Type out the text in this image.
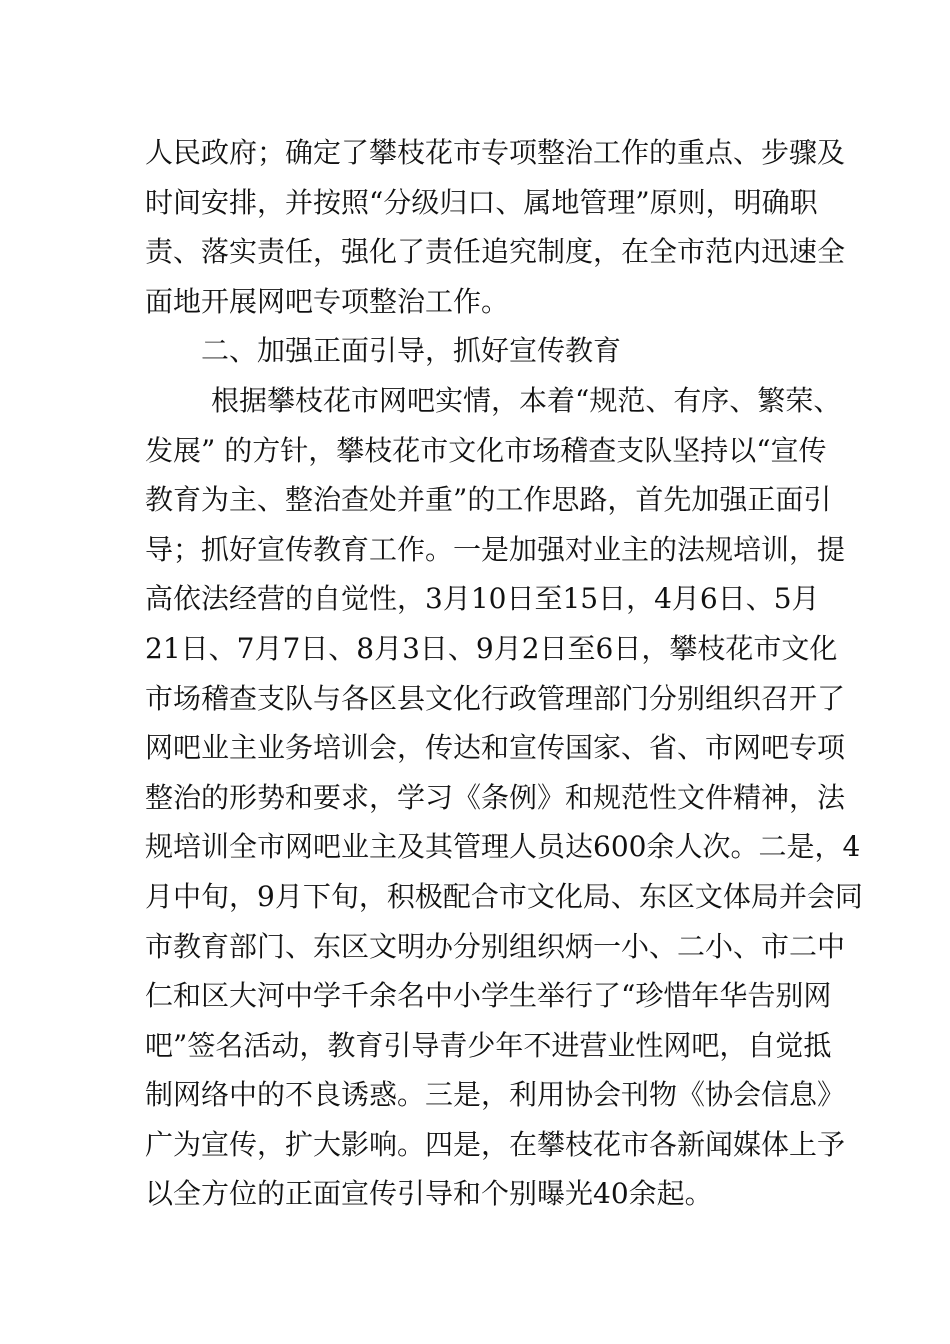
人民政府；确定了攀枝花市专项整治工作的重点、步骤及
时间安排，并按照“分级归口、属地管理”原则，明确职
责、落实责任，强化了责任追究制度，在全市范内迅速全
面地开展网吧专项整治工作。
二、加强正面引导，抓好宣传教育
根据攀枝花市网吧实情，本着“规范、有序、繁荣、
发展” 的方针，攀枝花市文化市场稽查支队坚持以“宣传
教育为主、整治查处并重”的工作思路，首先加强正面引
导；抓好宣传教育工作。一是加强对业主的法规培训，提
高依法经营的自觉性，3月10日至15日，4月6日、5月
21日、7月7日、8月3日、9月2日至6日，攀枝花市文化
市场稽查支队与各区县文化行政管理部门分别组织召开了
网吧业主业务培训会，传达和宣传国家、省、市网吧专项
整治的形势和要求，学习《条例》和规范性文件精神，法
规培训全市网吧业主及其管理人员达600余人次。二是，4
月中旬，9月下旬，积极配合市文化局、东区文体局并会同
市教育部门、东区文明办分别组织炳一小、二小、市二中
仁和区大河中学千余名中小学生举行了“珍惜年华告别网
吧”签名活动，教育引导青少年不进营业性网吧，自觉抵
制网络中的不良诱惑。三是，利用协会刊物《协会信息》
广为宣传，扩大影响。四是，在攀枝花市各新闻媒体上予
以全方位的正面宣传引导和个别曝光40余起。
